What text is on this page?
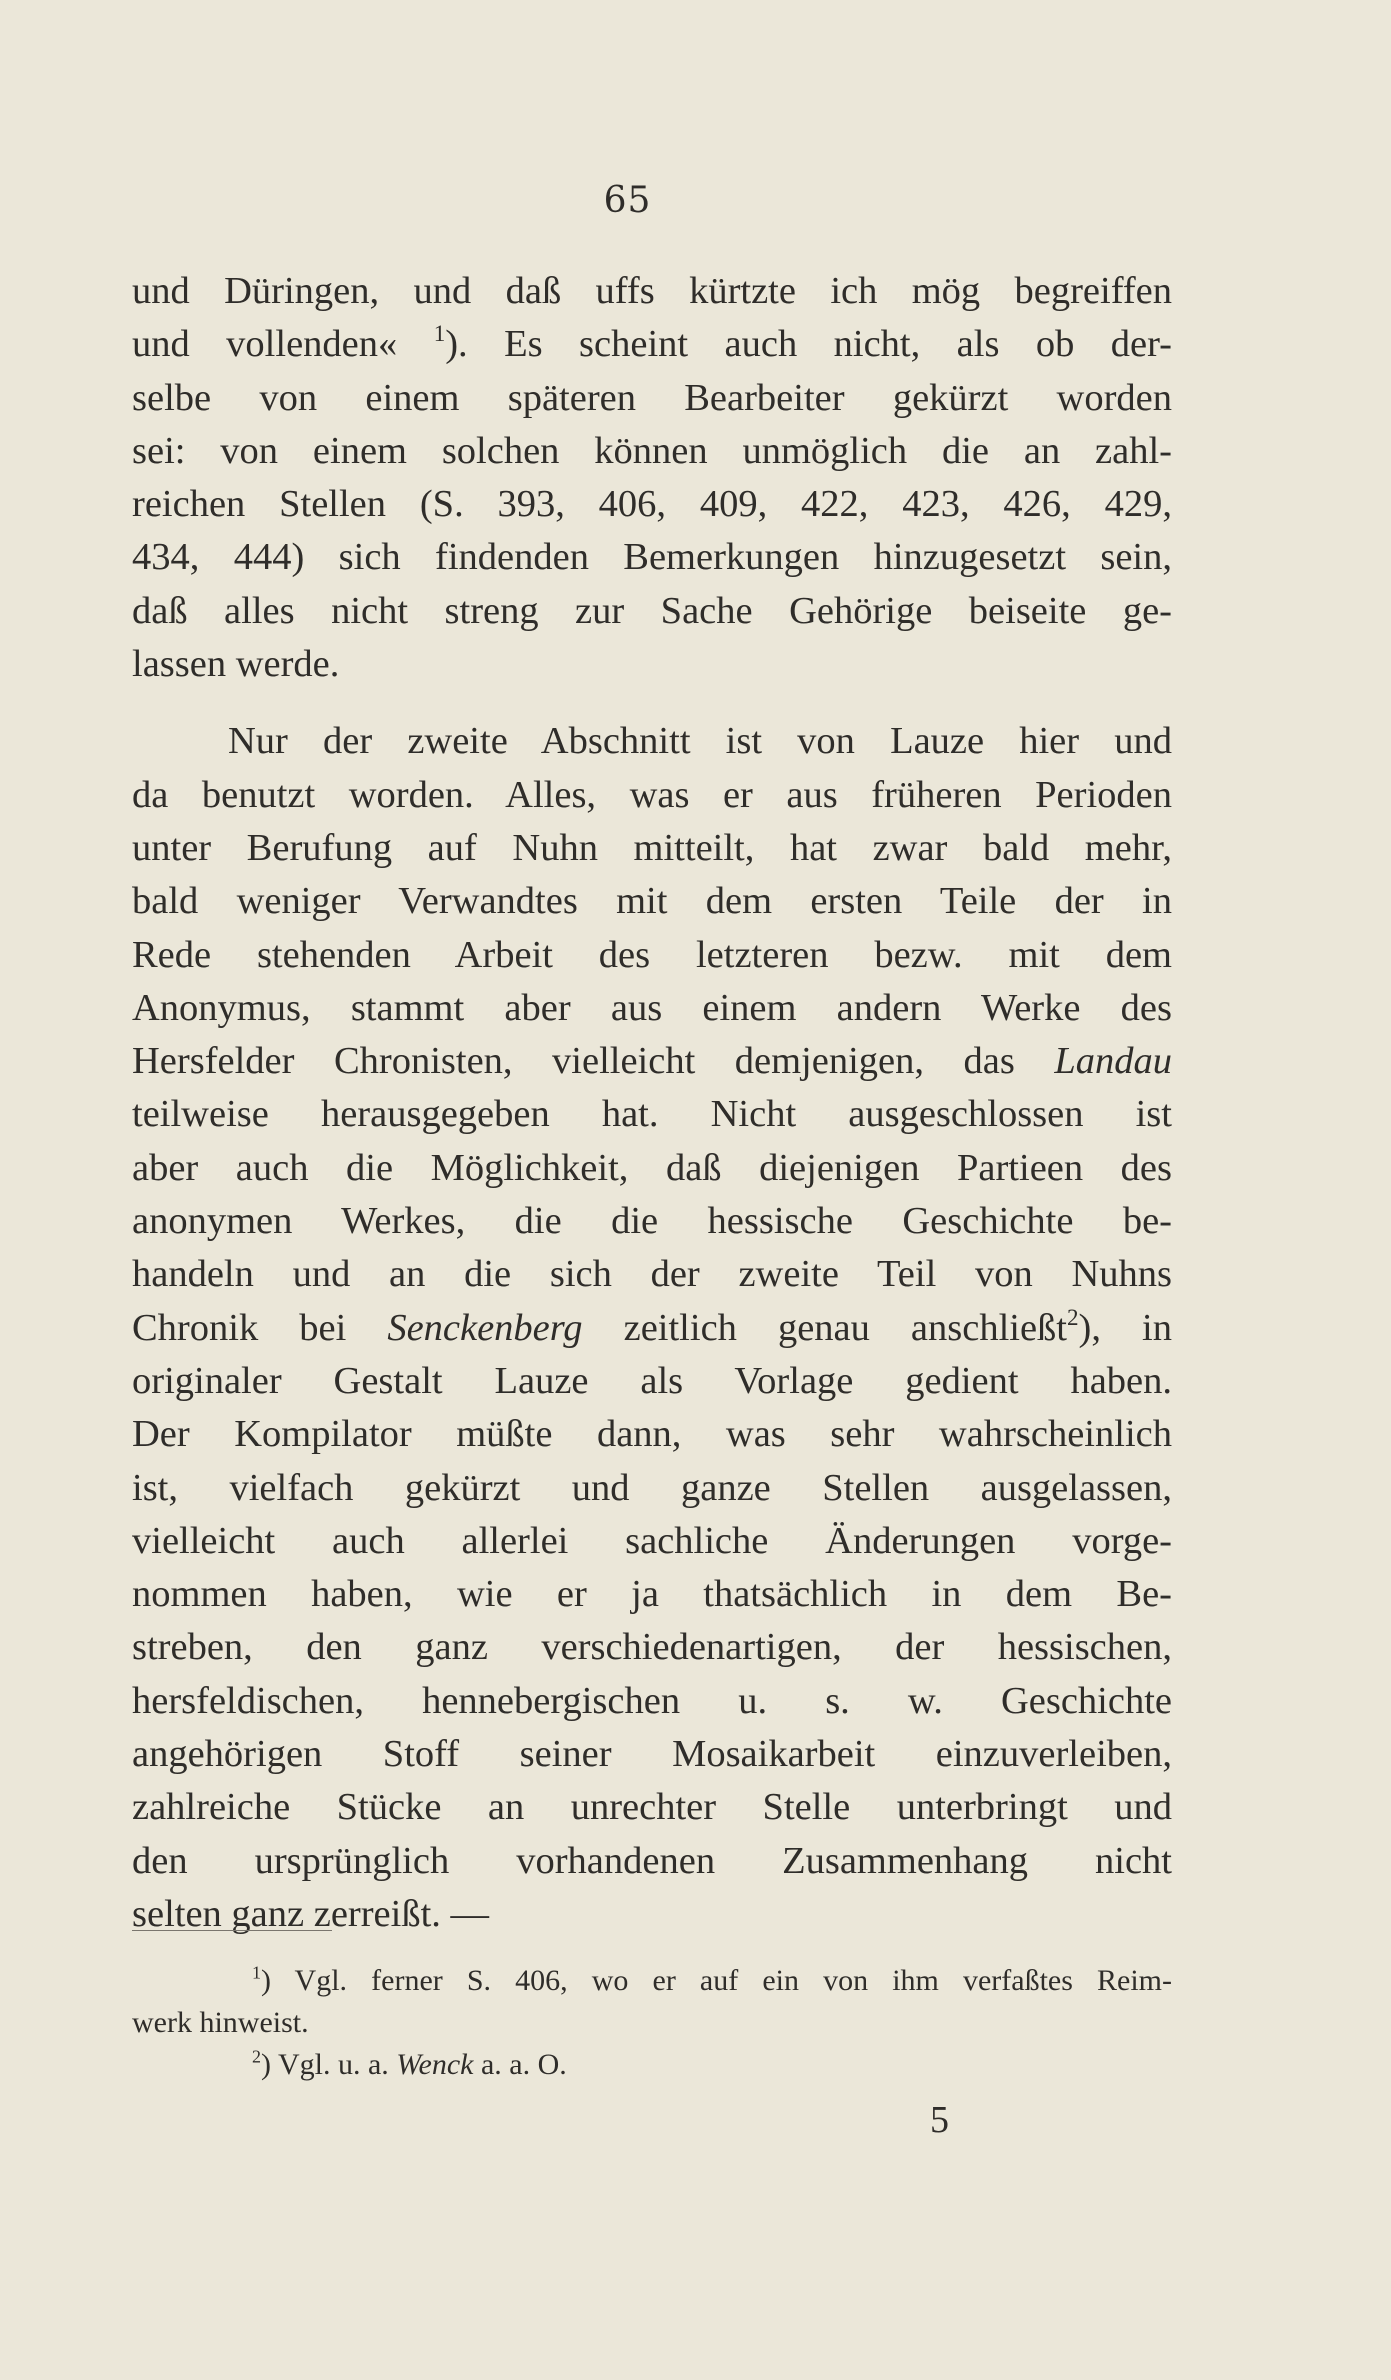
65
und Düringen, und daß uffs kürtzte ich mög begreiffen
und vollenden« $^1$). Es scheint auch nicht, als ob der-
selbe von einem späteren Bearbeiter gekürzt worden
sei: von einem solchen können unmöglich die an zahl-
reichen Stellen (S. 393, 406, 409, 422, 423, 426, 429,
434, 444) sich findenden Bemerkungen hinzugesetzt sein,
daß alles nicht streng zur Sache Gehörige beiseite ge-
lassen werde.
Nur der zweite Abschnitt ist von Lauze hier und
da benutzt worden. Alles, was er aus früheren Perioden
unter Berufung auf Nuhn mitteilt, hat zwar bald mehr,
bald weniger Verwandtes mit dem ersten Teile der in
Rede stehenden Arbeit des letzteren bezw. mit dem
Anonymus, stammt aber aus einem andern Werke des
Hersfelder Chronisten, vielleicht demjenigen, das Landau
teilweise herausgegeben hat. Nicht ausgeschlossen ist
aber auch die Möglichkeit, daß diejenigen Partieen des
anonymen Werkes, die die hessische Geschichte be-
handeln und an die sich der zweite Teil von Nuhns
Chronik bei Senckenberg zeitlich genau anschließt$^2$), in
originaler Gestalt Lauze als Vorlage gedient haben.
Der Kompilator müßte dann, was sehr wahrscheinlich
ist, vielfach gekürzt und ganze Stellen ausgelassen,
vielleicht auch allerlei sachliche Änderungen vorge-
nommen haben, wie er ja thatsächlich in dem Be-
streben, den ganz verschiedenartigen, der hessischen,
hersfeldischen, hennebergischen u. s. w. Geschichte
angehörigen Stoff seiner Mosaikarbeit einzuverleiben,
zahlreiche Stücke an unrechter Stelle unterbringt und
den ursprünglich vorhandenen Zusammenhang nicht
selten ganz zerreißt. —
$^1$) Vgl. ferner S. 406, wo er auf ein von ihm verfaßtes Reim-
werk hinweist.
$^2$) Vgl. u. a. Wenck a. a. O.
5
